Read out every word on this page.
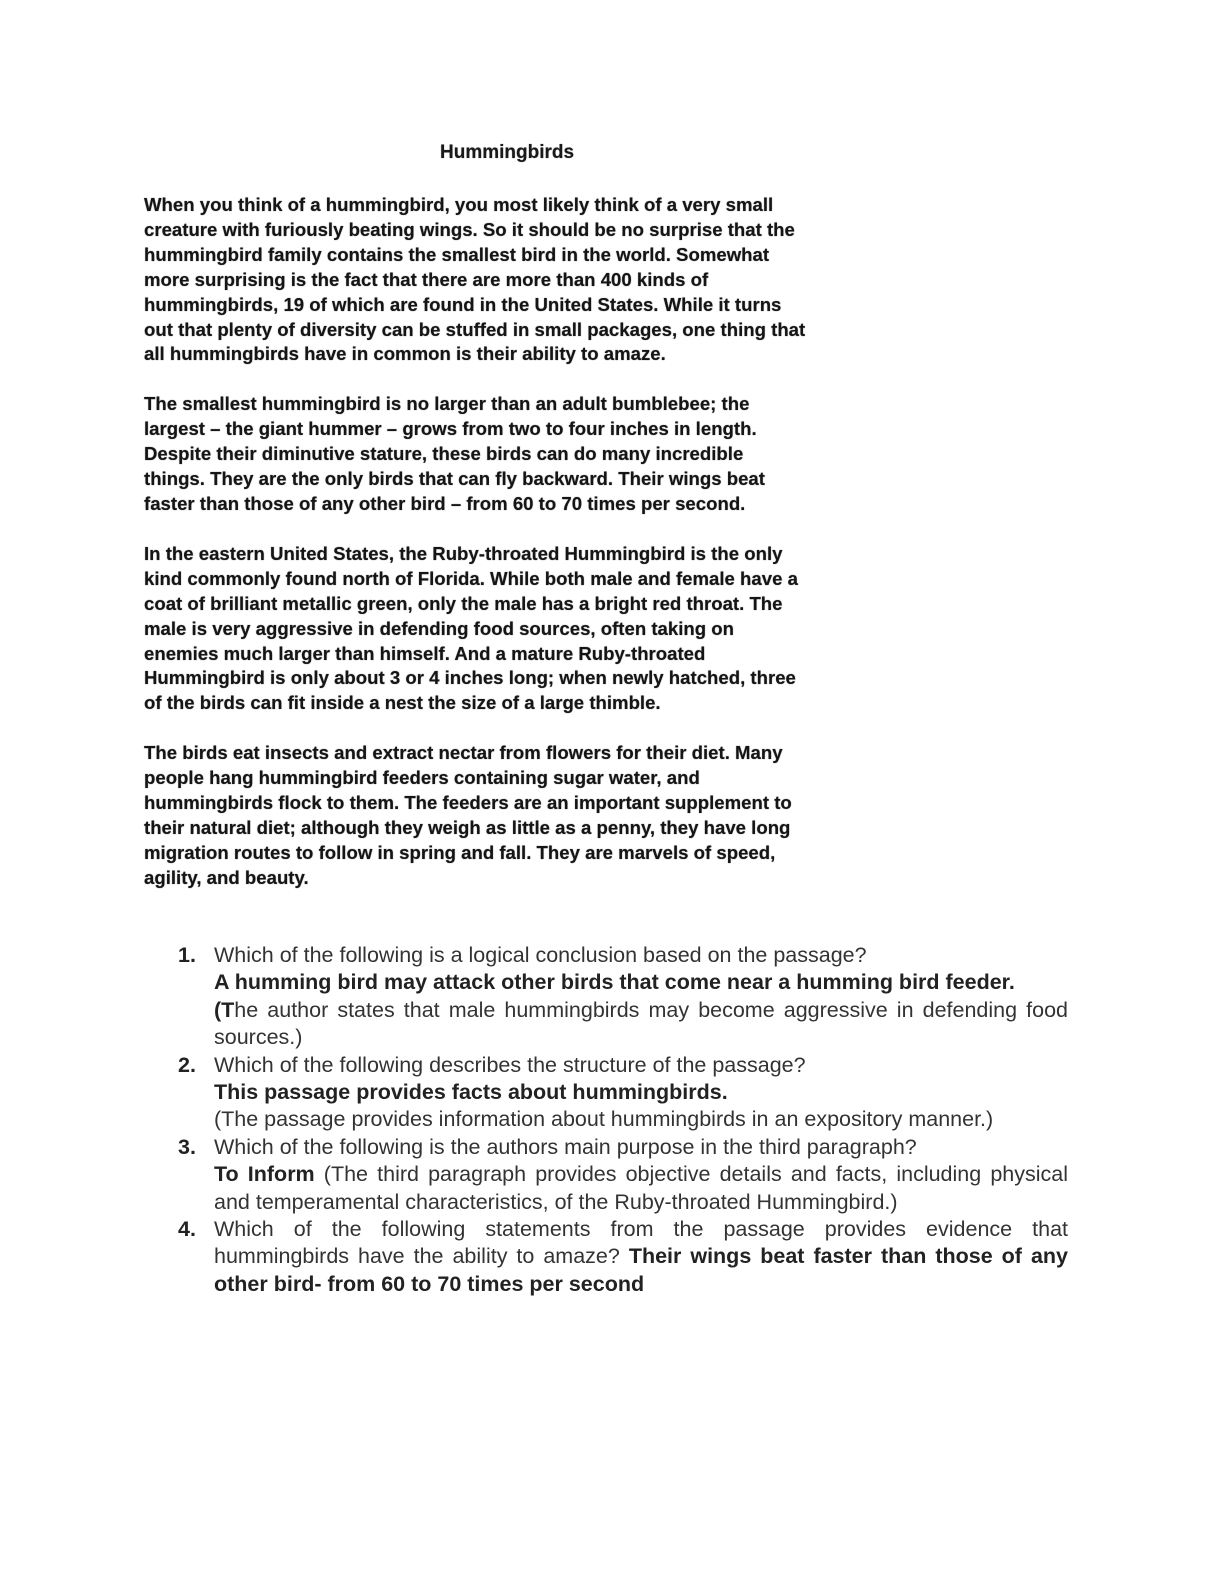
Hummingbirds

When you think of a hummingbird, you most likely think of a very small
creature with furiously beating wings. So it should be no surprise that the
hummingbird family contains the smallest bird in the world. Somewhat
more surprising is the fact that there are more than 400 kinds of
hummingbirds, 19 of which are found in the United States. While it turns
out that plenty of diversity can be stuffed in small packages, one thing that
all hummingbirds have in common is their ability to amaze.

The smallest hummingbird is no larger than an adult bumblebee; the
largest – the giant hummer – grows from two to four inches in length.
Despite their diminutive stature, these birds can do many incredible
things. They are the only birds that can fly backward. Their wings beat
faster than those of any other bird – from 60 to 70 times per second.

In the eastern United States, the Ruby-throated Hummingbird is the only
kind commonly found north of Florida. While both male and female have a
coat of brilliant metallic green, only the male has a bright red throat. The
male is very aggressive in defending food sources, often taking on
enemies much larger than himself. And a mature Ruby-throated
Hummingbird is only about 3 or 4 inches long; when newly hatched, three
of the birds can fit inside a nest the size of a large thimble.

The birds eat insects and extract nectar from flowers for their diet. Many
people hang hummingbird feeders containing sugar water, and
hummingbirds flock to them. The feeders are an important supplement to
their natural diet; although they weigh as little as a penny, they have long
migration routes to follow in spring and fall. They are marvels of speed,
agility, and beauty.

1. Which of the following is a logical conclusion based on the passage?
A humming bird may attack other birds that come near a humming bird feeder.
(The author states that male hummingbirds may become aggressive in defending food sources.)
2. Which of the following describes the structure of the passage?
This passage provides facts about hummingbirds.
(The passage provides information about hummingbirds in an expository manner.)
3. Which of the following is the authors main purpose in the third paragraph?
To Inform (The third paragraph provides objective details and facts, including physical and temperamental characteristics, of the Ruby-throated Hummingbird.)
4. Which of the following statements from the passage provides evidence that hummingbirds have the ability to amaze? Their wings beat faster than those of any other bird- from 60 to 70 times per second
